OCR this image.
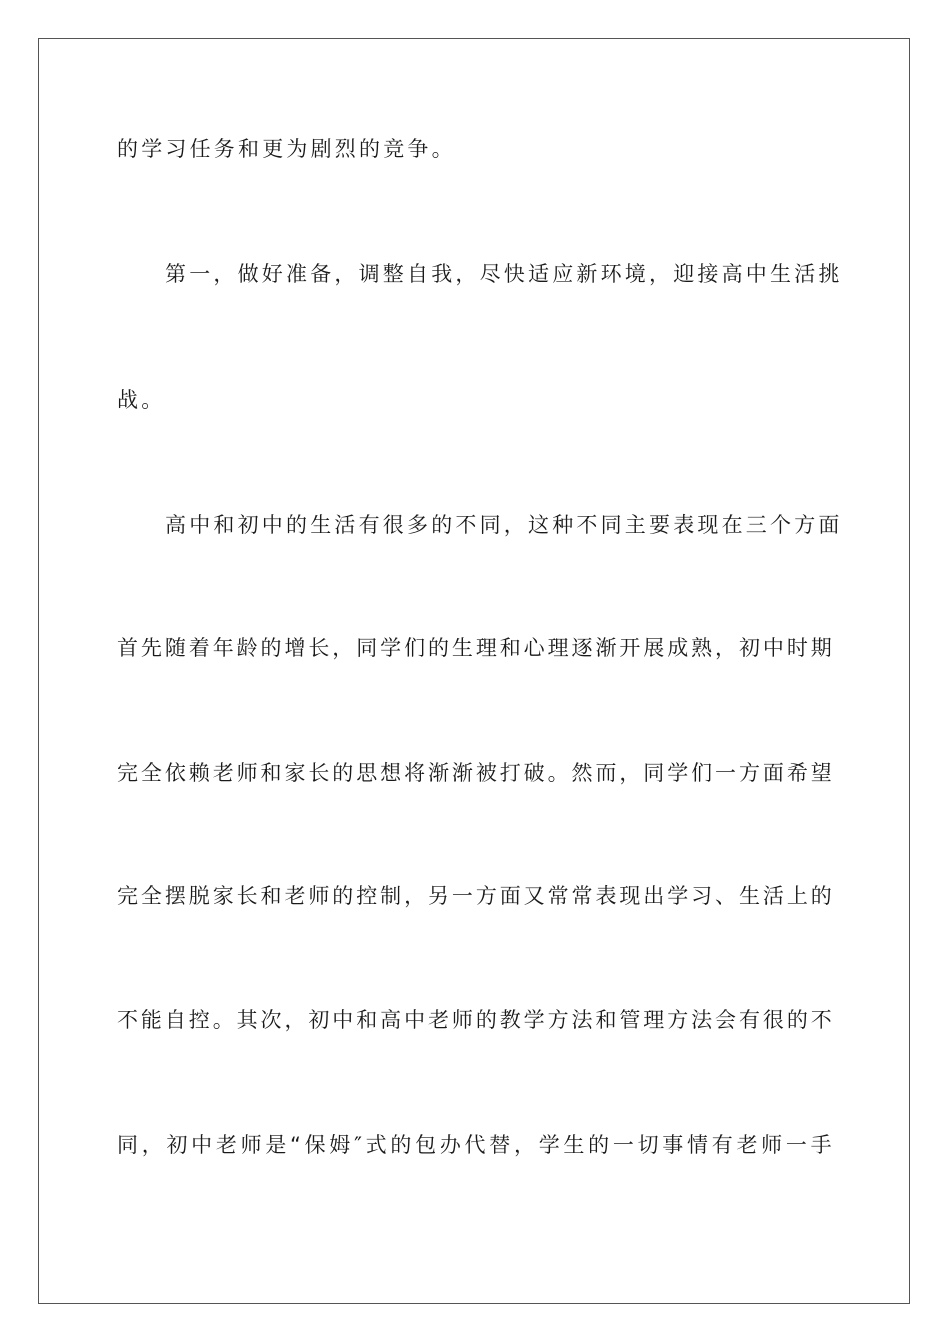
的学习任务和更为剧烈的竞争。
第一，做好准备，调整自我，尽快适应新环境，迎接高中生活挑
战。
高中和初中的生活有很多的不同，这种不同主要表现在三个方面
首 先 随 着 年 龄 的 增 长 ， 同 学 们 的 生 理 和 心 理 逐 渐 开 展 成 熟 ， 初 中 时 期
完 全 依 赖 老 师 和 家 长 的 思 想 将 渐 渐 被 打 破 。 然 而 ， 同 学 们 一 方 面 希 望
完 全 摆 脱 家 长 和 老 师 的 控 制 ， 另 一 方 面 又 常 常 表 现 出 学 习 、 生 活 上 的
不 能 自 控 。 其 次 ， 初 中 和 高 中 老 师 的 教 学 方 法 和 管 理 方 法 会 有 很 的 不
同 ， 初 中 老 师 是 “ 保 姆 ″ 式 的 包 办 代 替 ， 学 生 的 一 切 事 情 有 老 师 一 手
